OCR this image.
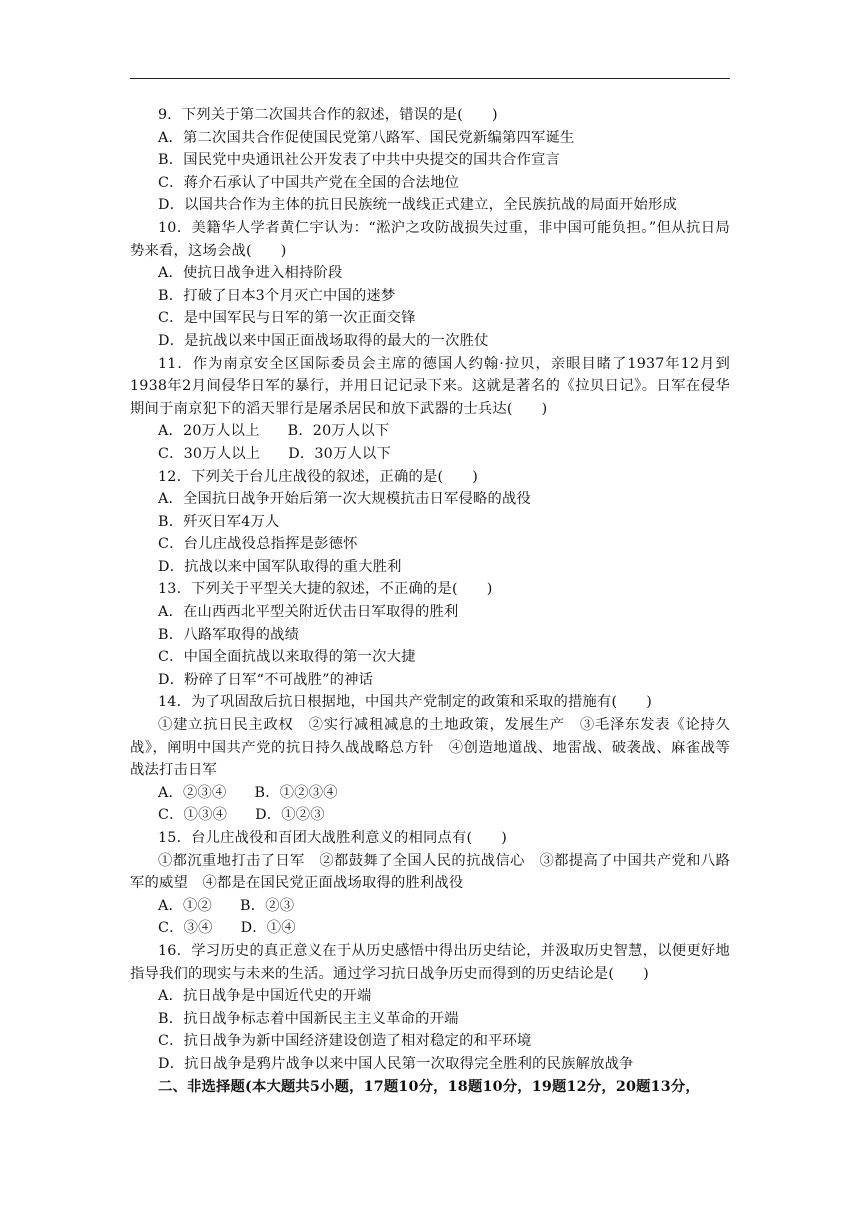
9．下列关于第二次国共合作的叙述，错误的是(　　)
A．第二次国共合作促使国民党第八路军、国民党新编第四军诞生
B．国民党中央通讯社公开发表了中共中央提交的国共合作宣言
C．蒋介石承认了中国共产党在全国的合法地位
D．以国共合作为主体的抗日民族统一战线正式建立，全民族抗战的局面开始形成
10．美籍华人学者黄仁宇认为：“淞沪之攻防战损失过重，非中国可能负担。”但从抗日局势来看，这场会战(　　)
A．使抗日战争进入相持阶段
B．打破了日本3个月灭亡中国的迷梦
C．是中国军民与日军的第一次正面交锋
D．是抗战以来中国正面战场取得的最大的一次胜仗
11．作为南京安全区国际委员会主席的德国人约翰·拉贝，亲眼目睹了1937年12月到1938年2月间侵华日军的暴行，并用日记记录下来。这就是著名的《拉贝日记》。日军在侵华期间于南京犯下的滔天罪行是屠杀居民和放下武器的士兵达(　　)
A．20万人以上 B．20万人以下
C．30万人以上 D．30万人以下
12．下列关于台儿庄战役的叙述，正确的是(　　)
A．全国抗日战争开始后第一次大规模抗击日军侵略的战役
B．歼灭日军4万人
C．台儿庄战役总指挥是彭德怀
D．抗战以来中国军队取得的重大胜利
13．下列关于平型关大捷的叙述，不正确的是(　　)
A．在山西西北平型关附近伏击日军取得的胜利
B．八路军取得的战绩
C．中国全面抗战以来取得的第一次大捷
D．粉碎了日军“不可战胜”的神话
14．为了巩固敌后抗日根据地，中国共产党制定的政策和采取的措施有(　　)
①建立抗日民主政权　②实行减租减息的土地政策，发展生产　③毛泽东发表《论持久战》，阐明中国共产党的抗日持久战战略总方针　④创造地道战、地雷战、破袭战、麻雀战等战法打击日军
A．②③④ B．①②③④
C．①③④ D．①②③
15．台儿庄战役和百团大战胜利意义的相同点有(　　)
①都沉重地打击了日军　②都鼓舞了全国人民的抗战信心　③都提高了中国共产党和八路军的威望　④都是在国民党正面战场取得的胜利战役
A．①② B．②③
C．③④ D．①④
16．学习历史的真正意义在于从历史感悟中得出历史结论，并汲取历史智慧，以便更好地指导我们的现实与未来的生活。通过学习抗日战争历史而得到的历史结论是(　　)
A．抗日战争是中国近代史的开端
B．抗日战争标志着中国新民主主义革命的开端
C．抗日战争为新中国经济建设创造了相对稳定的和平环境
D．抗日战争是鸦片战争以来中国人民第一次取得完全胜利的民族解放战争
二、非选择题(本大题共5小题，17题10分，18题10分，19题12分，20题13分，
